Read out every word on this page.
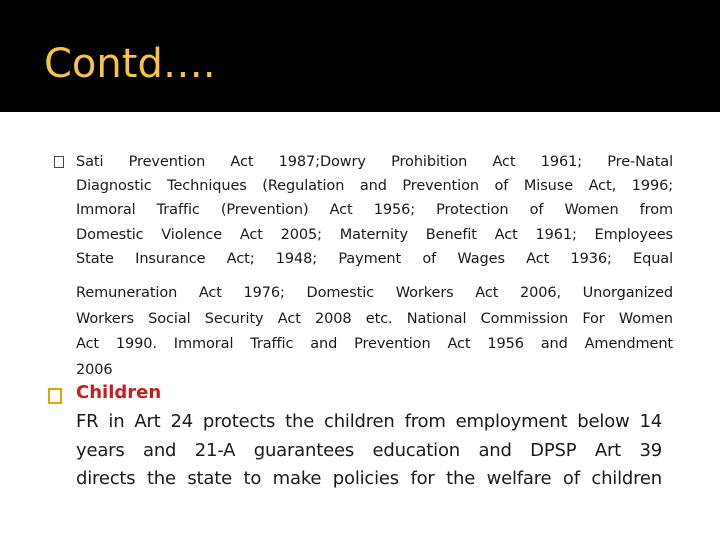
Contd….

Sati Prevention Act 1987;Dowry Prohibition Act 1961; Pre-Natal
Diagnostic Techniques (Regulation and Prevention of Misuse Act, 1996;
Immoral Traffic (Prevention) Act 1956; Protection of Women from
Domestic Violence Act 2005; Maternity Benefit Act 1961; Employees
State Insurance Act; 1948; Payment of Wages Act 1936; Equal

Remuneration Act 1976; Domestic Workers Act 2006, Unorganized
Workers Social Security Act 2008 etc. National Commission For Women
Act 1990. Immoral Traffic and Prevention Act 1956 and Amendment
2006

Children

FR in Art 24 protects the children from employment below 14
years and 21-A guarantees education and DPSP Art 39
directs the state to make policies for the welfare of children
